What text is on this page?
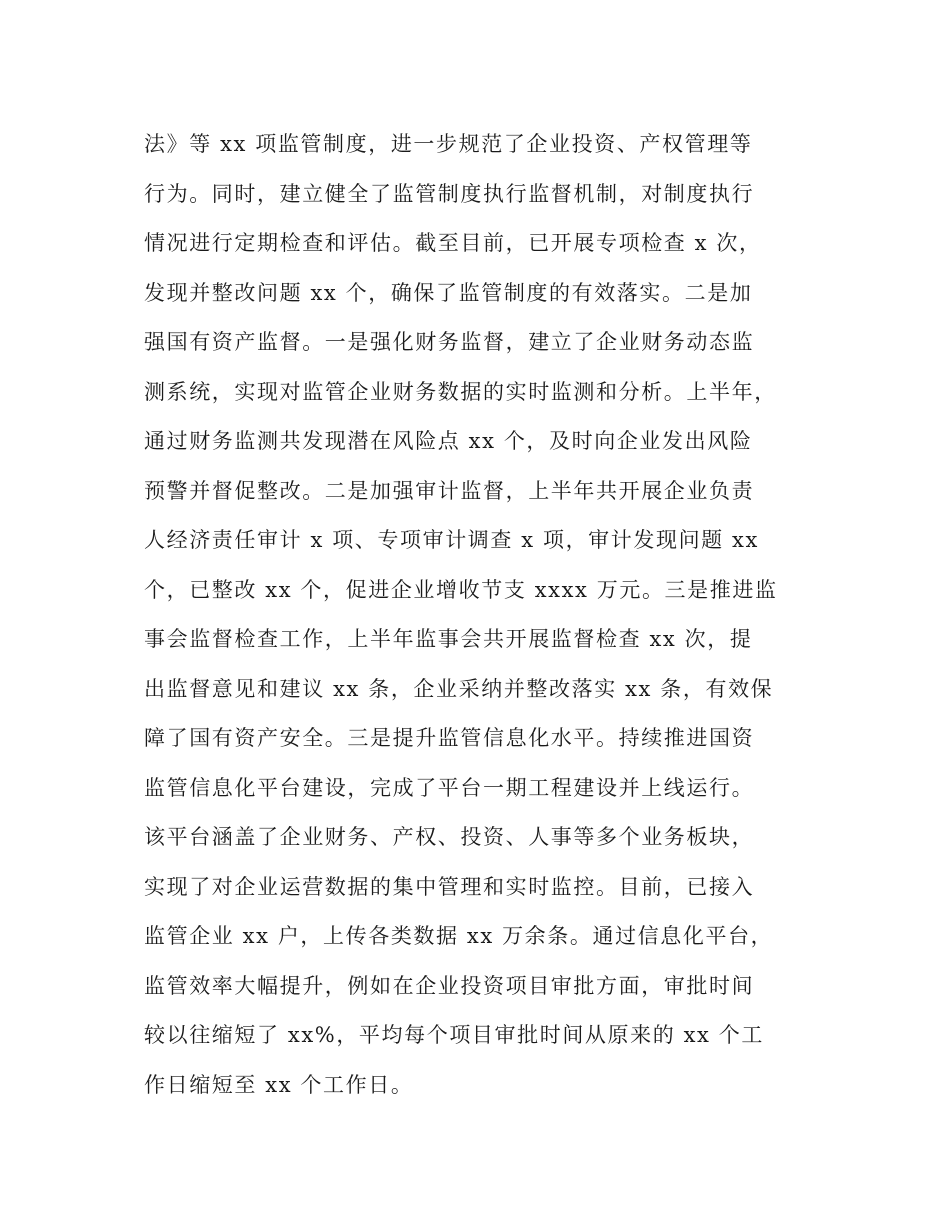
法》等 xx 项监管制度，进一步规范了企业投资、产权管理等
行为。同时，建立健全了监管制度执行监督机制，对制度执行
情况进行定期检查和评估。截至目前，已开展专项检查 x 次，
发现并整改问题 xx 个，确保了监管制度的有效落实。二是加
强国有资产监督。一是强化财务监督，建立了企业财务动态监
测系统，实现对监管企业财务数据的实时监测和分析。上半年，
通过财务监测共发现潜在风险点 xx 个，及时向企业发出风险
预警并督促整改。二是加强审计监督，上半年共开展企业负责
人经济责任审计 x 项、专项审计调查 x 项，审计发现问题 xx
个，已整改 xx 个，促进企业增收节支 xxxx 万元。三是推进监
事会监督检查工作，上半年监事会共开展监督检查 xx 次，提
出监督意见和建议 xx 条，企业采纳并整改落实 xx 条，有效保
障了国有资产安全。三是提升监管信息化水平。持续推进国资
监管信息化平台建设，完成了平台一期工程建设并上线运行。
该平台涵盖了企业财务、产权、投资、人事等多个业务板块，
实现了对企业运营数据的集中管理和实时监控。目前，已接入
监管企业 xx 户，上传各类数据 xx 万余条。通过信息化平台，
监管效率大幅提升，例如在企业投资项目审批方面，审批时间
较以往缩短了 xx%，平均每个项目审批时间从原来的 xx 个工
作日缩短至 xx 个工作日。
